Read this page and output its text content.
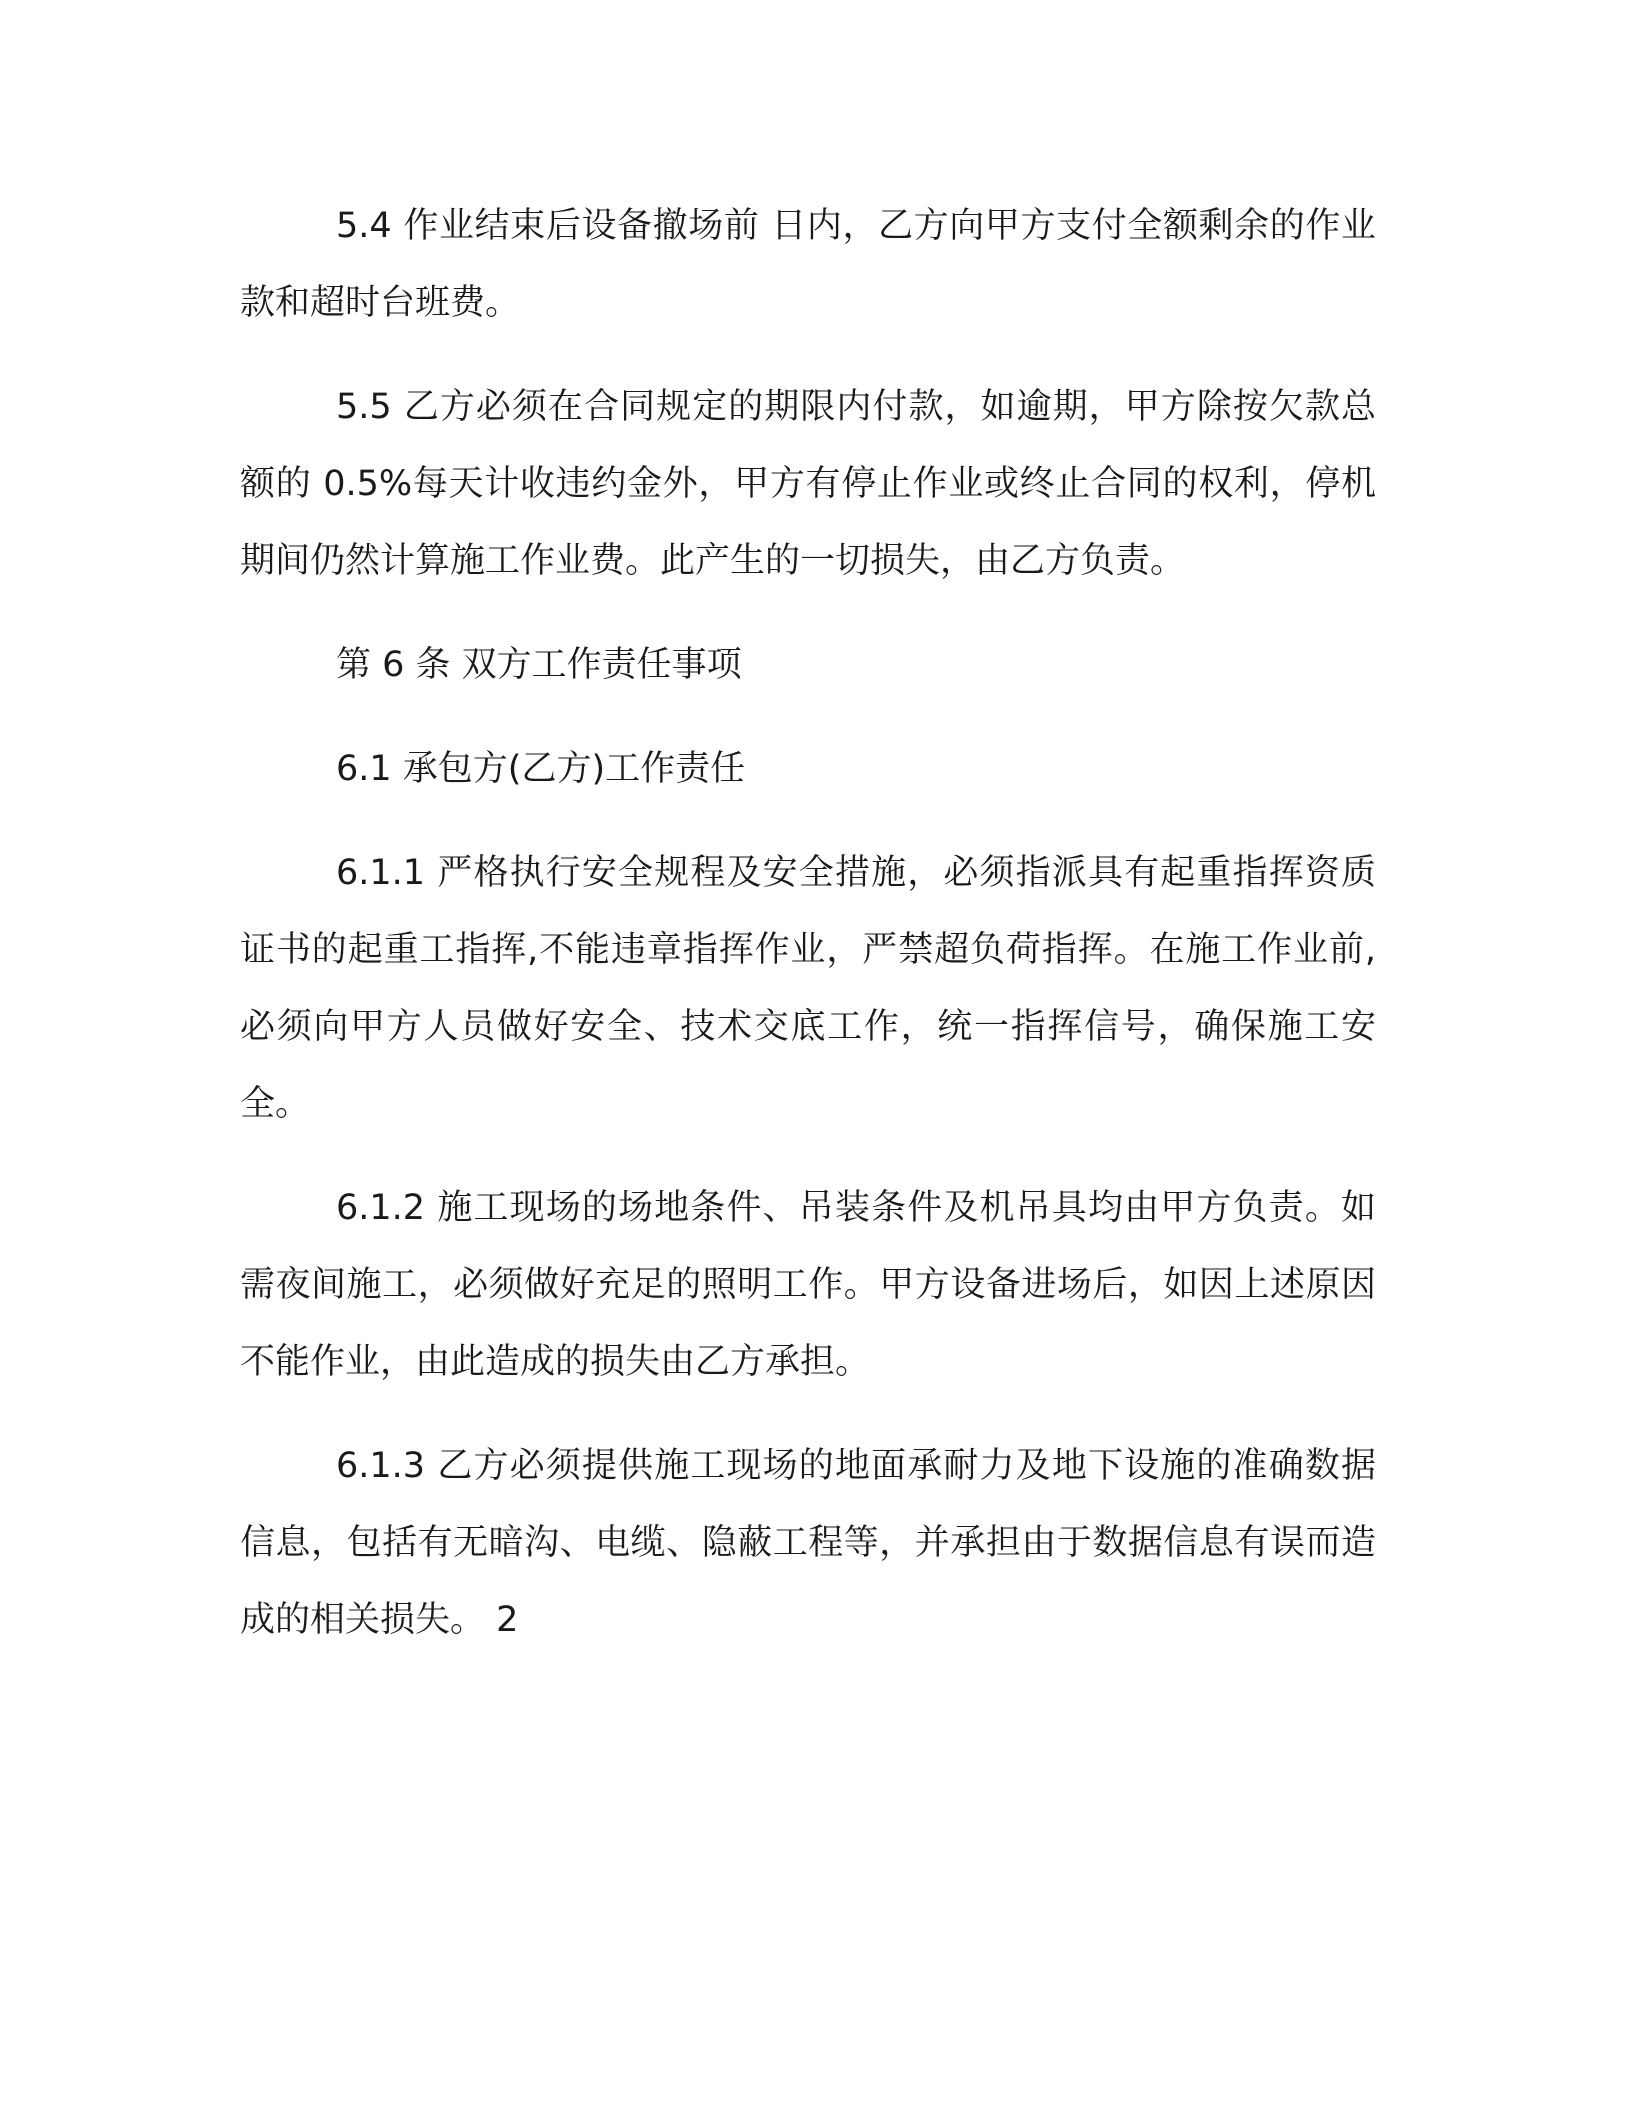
5.4 作业结束后设备撤场前 日内，乙方向甲方支付全额剩余的作业款和超时台班费。

5.5 乙方必须在合同规定的期限内付款，如逾期，甲方除按欠款总额的 0.5%每天计收违约金外，甲方有停止作业或终止合同的权利，停机期间仍然计算施工作业费。此产生的一切损失，由乙方负责。

第 6 条 双方工作责任事项

6.1 承包方(乙方)工作责任

6.1.1 严格执行安全规程及安全措施，必须指派具有起重指挥资质证书的起重工指挥,不能违章指挥作业，严禁超负荷指挥。在施工作业前,必须向甲方人员做好安全、技术交底工作，统一指挥信号，确保施工安全。

6.1.2 施工现场的场地条件、吊装条件及机吊具均由甲方负责。如需夜间施工，必须做好充足的照明工作。甲方设备进场后，如因上述原因不能作业，由此造成的损失由乙方承担。

6.1.3 乙方必须提供施工现场的地面承耐力及地下设施的准确数据信息，包括有无暗沟、电缆、隐蔽工程等，并承担由于数据信息有误而造成的相关损失。 2
